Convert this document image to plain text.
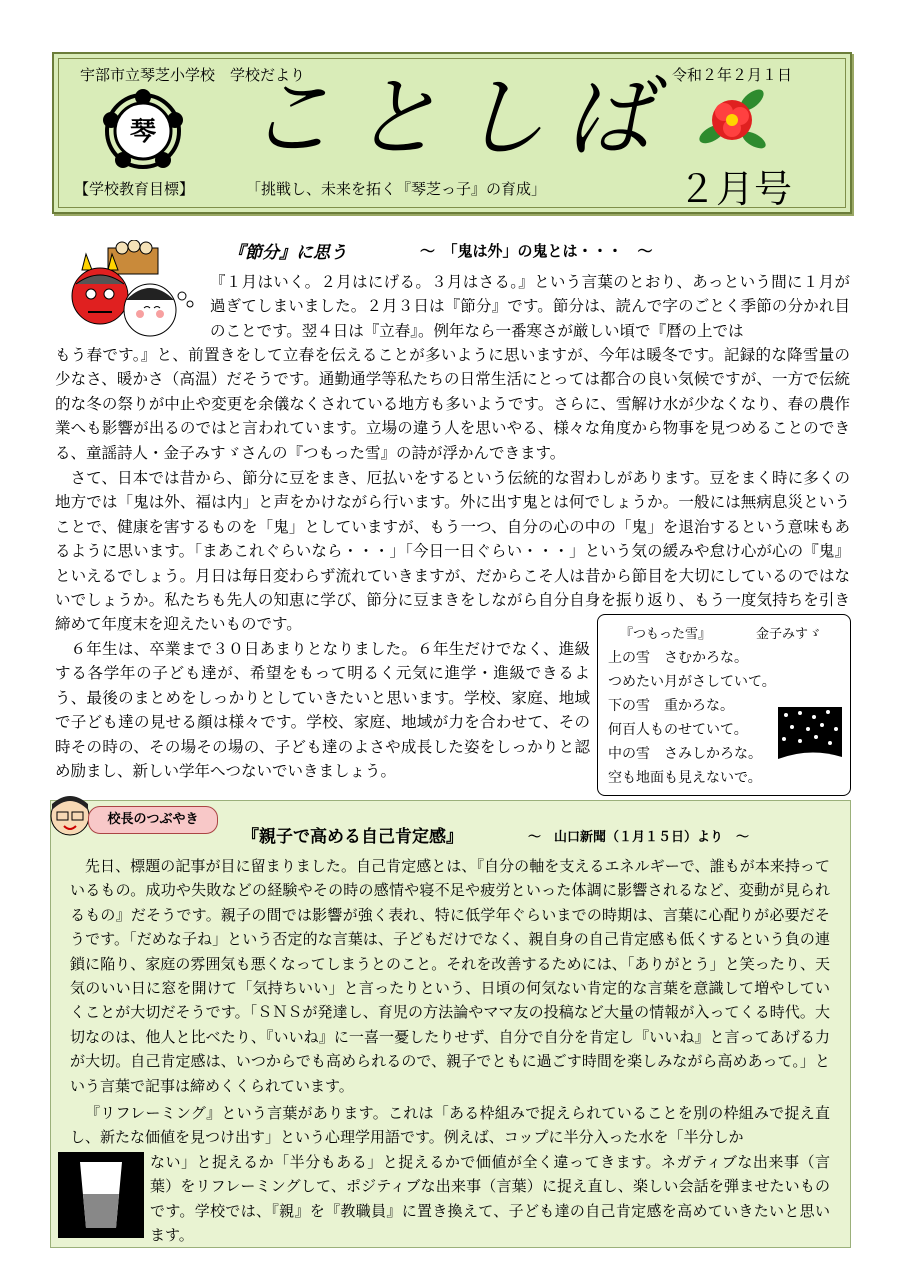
宇部市立琴芝小学校　学校だより	令和２年２月１日
琴 ことしば
【学校教育目標】	「挑戦し、未来を拓く『琴芝っ子』の育成」	２月号
『節分』に思う	～　「鬼は外」の鬼とは・・・　～
『１月はいく。２月はにげる。３月はさる。』という言葉のとおり、あっという間に１月が過ぎてしまいました。２月３日は『節分』です。節分は、読んで字のごとく季節の分かれ目のことです。翌４日は『立春』。例年なら一番寒さが厳しい頃で『暦の上では
もう春です。』と、前置きをして立春を伝えることが多いように思いますが、今年は暖冬です。記録的な降雪量の少なさ、暖かさ（高温）だそうです。通勤通学等私たちの日常生活にとっては都合の良い気候ですが、一方で伝統的な冬の祭りが中止や変更を余儀なくされている地方も多いようです。さらに、雪解け水が少なくなり、春の農作業へも影響が出るのではと言われています。立場の違う人を思いやる、様々な角度から物事を見つめることのできる、童謡詩人・金子みすゞさんの『つもった雪』の詩が浮かんできます。
さて、日本では昔から、節分に豆をまき、厄払いをするという伝統的な習わしがあります。豆をまく時に多くの地方では「鬼は外、福は内」と声をかけながら行います。外に出す鬼とは何でしょうか。一般には無病息災ということで、健康を害するものを「鬼」としていますが、もう一つ、自分の心の中の「鬼」を退治するという意味もあるように思います。「まあこれぐらいなら・・・」「今日一日ぐらい・・・」という気の緩みや怠け心が心の『鬼』といえるでしょう。月日は毎日変わらず流れていきますが、だからこそ人は昔から節目を大切にしているのではないでしょうか。私たちも先人の知恵に学び、節分に豆まきをしながら自分自身を振り返り、もう一度気持ちを引き締めて年度末を迎えたいものです。
６年生は、卒業まで３０日あまりとなりました。６年生だけでなく、進級する各学年の子ども達が、希望をもって明るく元気に進学・進級できるよう、最後のまとめをしっかりとしていきたいと思います。学校、家庭、地域で子ども達の見せる顔は様々です。学校、家庭、地域が力を合わせて、その時その時の、その場その場の、子ども達のよさや成長した姿をしっかりと認め励まし、新しい学年へつないでいきましょう。
『つもった雪』	金子みすゞ
上の雪　さむかろな。
つめたい月がさしていて。
下の雪　重かろな。
何百人ものせていて。
中の雪　さみしかろな。
空も地面も見えないで。
校長のつぶやき
『親子で高める自己肯定感』	～　山口新聞（１月１５日）より　～
先日、標題の記事が目に留まりました。自己肯定感とは、『自分の軸を支えるエネルギーで、誰もが本来持っているもの。成功や失敗などの経験やその時の感情や寝不足や疲労といった体調に影響されるなど、変動が見られるもの』だそうです。親子の間では影響が強く表れ、特に低学年ぐらいまでの時期は、言葉に心配りが必要だそうです。「だめな子ね」という否定的な言葉は、子どもだけでなく、親自身の自己肯定感も低くするという負の連鎖に陥り、家庭の雰囲気も悪くなってしまうとのこと。それを改善するためには、「ありがとう」と笑ったり、天気のいい日に窓を開けて「気持ちいい」と言ったりという、日頃の何気ない肯定的な言葉を意識して増やしていくことが大切だそうです。「ＳＮＳが発達し、育児の方法論やママ友の投稿など大量の情報が入ってくる時代。大切なのは、他人と比べたり、『いいね』に一喜一憂したりせず、自分で自分を肯定し『いいね』と言ってあげる力が大切。自己肯定感は、いつからでも高められるので、親子でともに過ごす時間を楽しみながら高めあって。」という言葉で記事は締めくくられています。
『リフレーミング』という言葉があります。これは「ある枠組みで捉えられていることを別の枠組みで捉え直し、新たな価値を見つけ出す」という心理学用語です。例えば、コップに半分入った水を「半分しか
ない」と捉えるか「半分もある」と捉えるかで価値が全く違ってきます。ネガティブな出来事（言葉）をリフレーミングして、ポジティブな出来事（言葉）に捉え直し、楽しい会話を弾ませたいものです。学校では、『親』を『教職員』に置き換えて、子ども達の自己肯定感を高めていきたいと思います。
